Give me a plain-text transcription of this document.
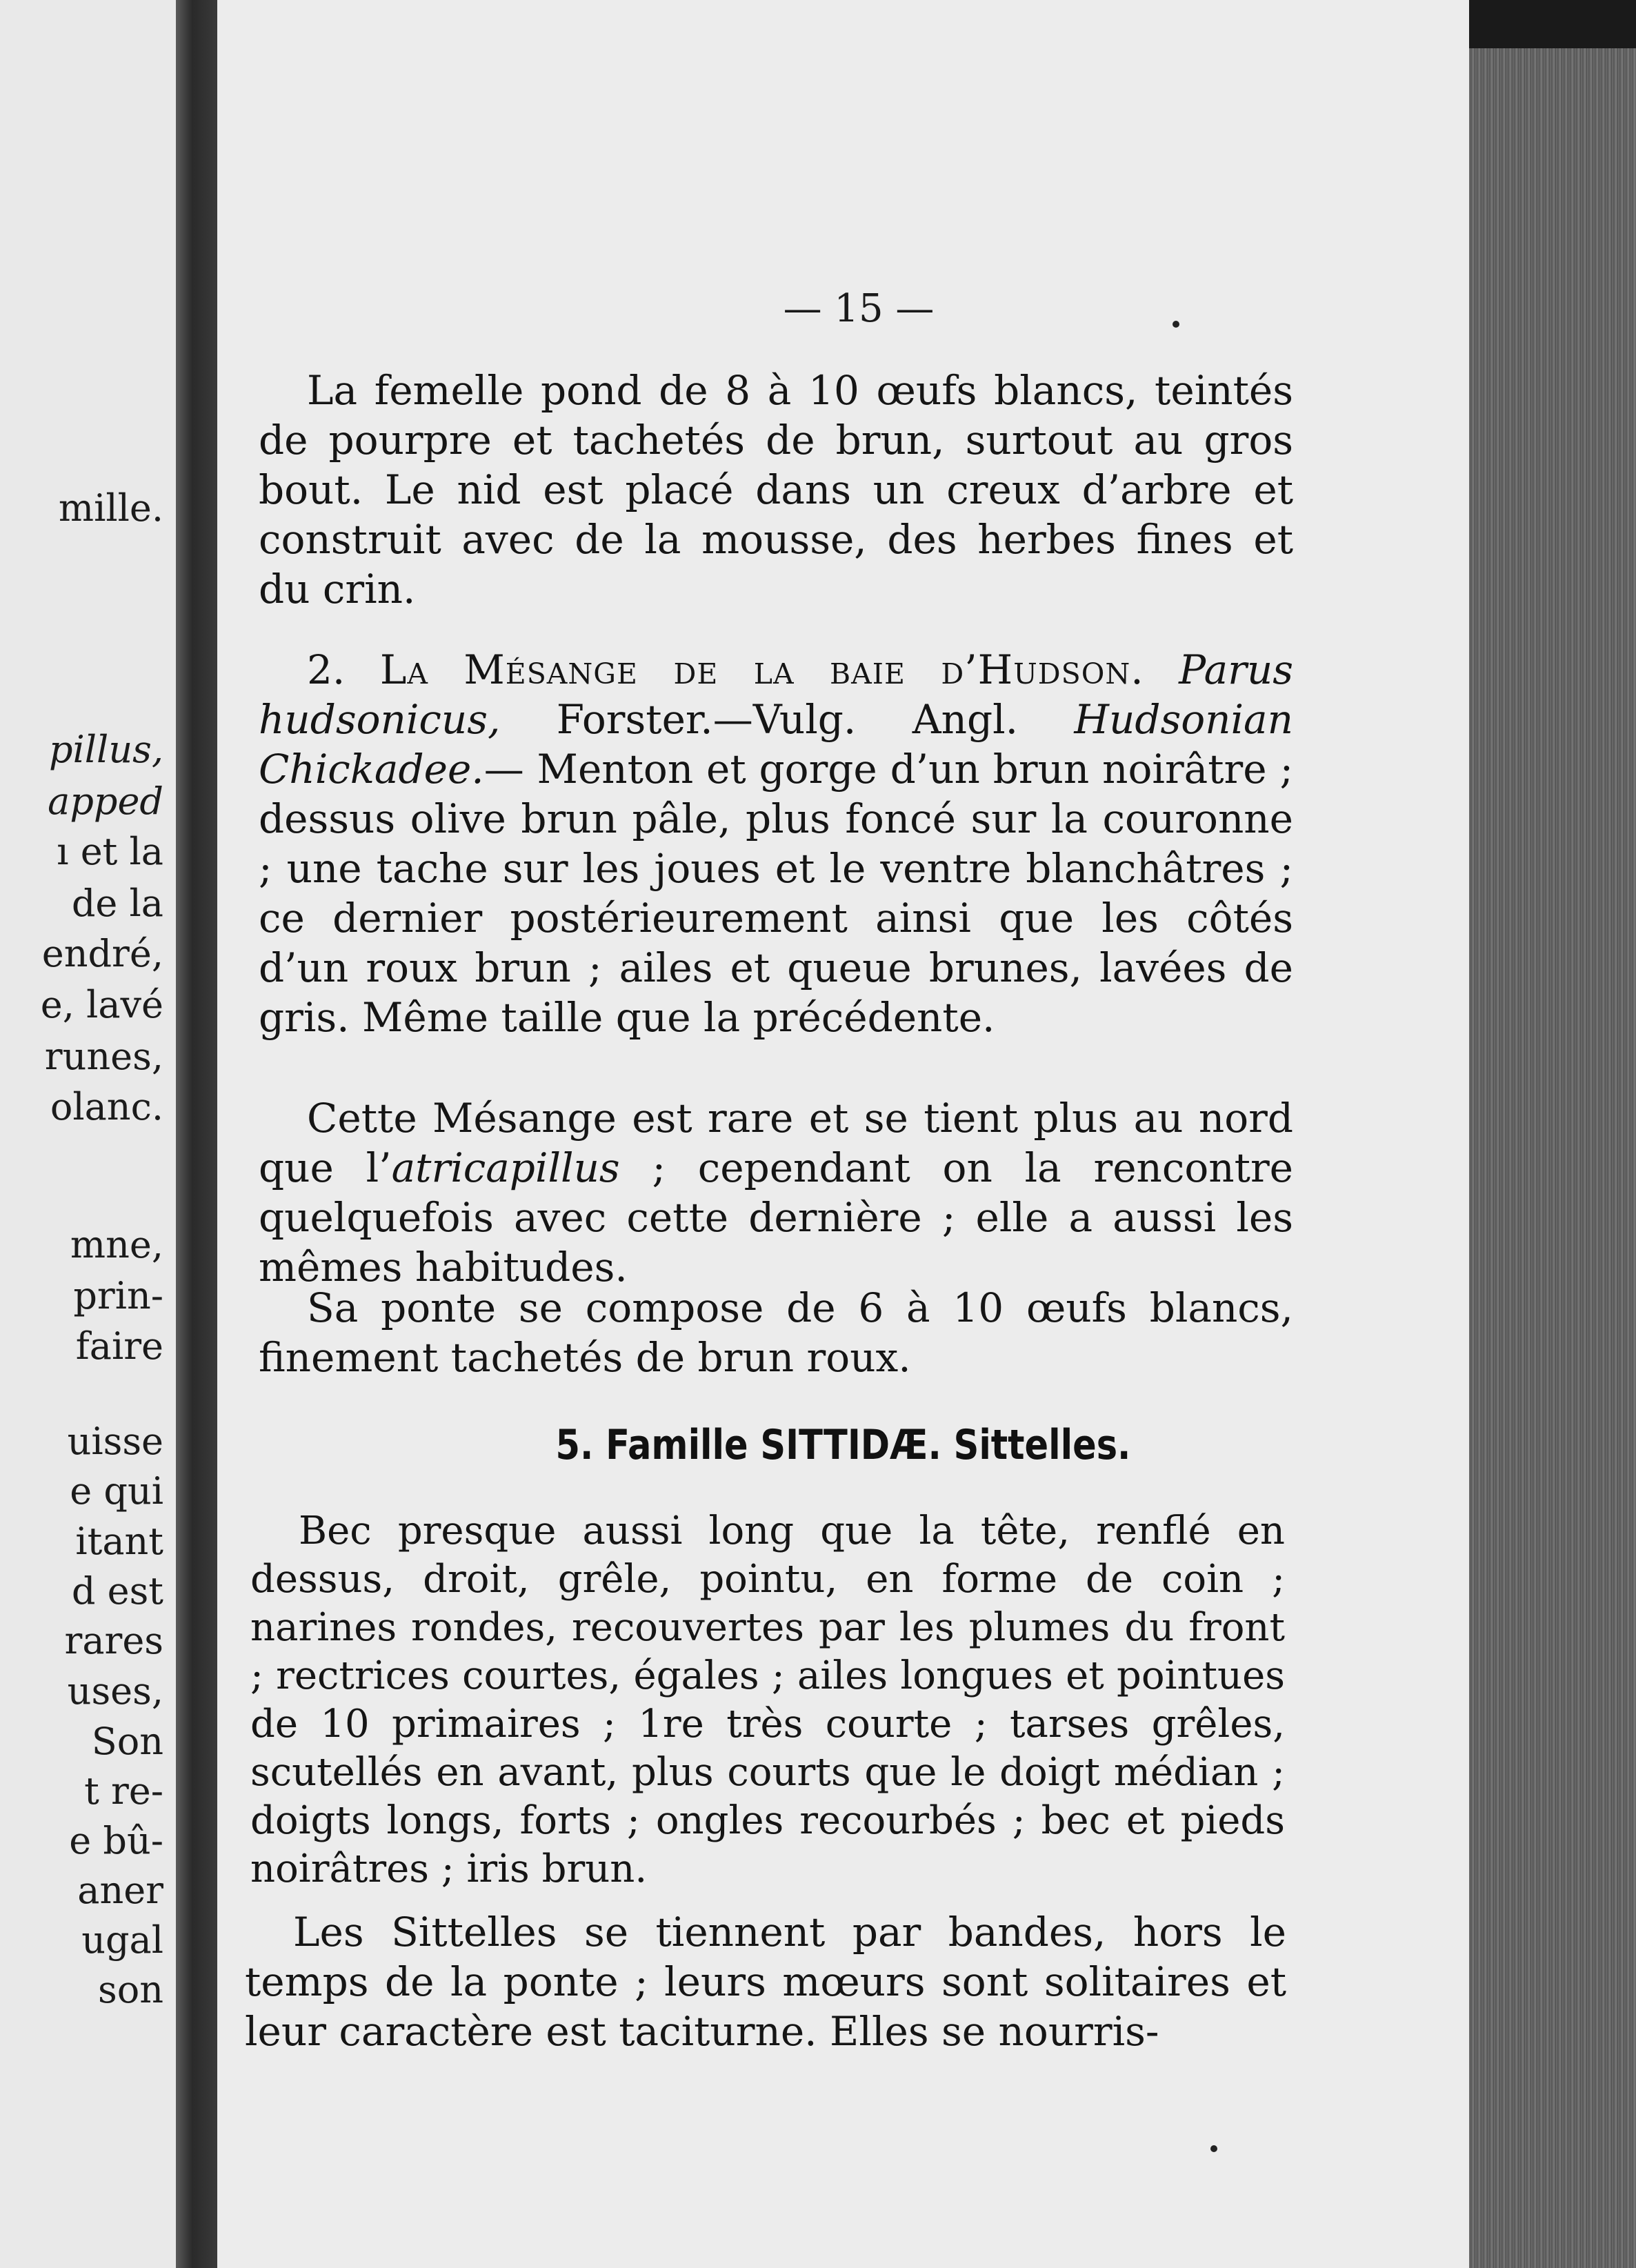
mille.
pillus,
apped
ı et la
de la
endré,
e, lavé
runes,
olanc.
mne,
prin-
faire
uisse
e qui
itant
d est
rares
uses,
Son
t re-
e bû-
aner
ugal
son

— 15 —

La femelle pond de 8 à 10 œufs blancs, teintés de pourpre et tachetés de brun, surtout au gros bout. Le nid est placé dans un creux d’arbre et construit avec de la mousse, des herbes fines et du crin.

2. La Mésange de la baie d’Hudson. Parus hudsonicus, Forster.—Vulg. Angl. Hudsonian Chickadee.— Menton et gorge d’un brun noirâtre ; dessus olive brun pâle, plus foncé sur la couronne ; une tache sur les joues et le ventre blanchâtres ; ce dernier postérieurement ainsi que les côtés d’un roux brun ; ailes et queue brunes, lavées de gris. Même taille que la précédente.

Cette Mésange est rare et se tient plus au nord que l’atricapillus ; cependant on la rencontre quelquefois avec cette dernière ; elle a aussi les mêmes habitudes.

Sa ponte se compose de 6 à 10 œufs blancs, finement tachetés de brun roux.

5. Famille SITTIDÆ. Sittelles.

Bec presque aussi long que la tête, renflé en dessus, droit, grêle, pointu, en forme de coin ; narines rondes, recouvertes par les plumes du front ; rectrices courtes, égales ; ailes longues et pointues de 10 primaires ; 1re très courte ; tarses grêles, scutellés en avant, plus courts que le doigt médian ; doigts longs, forts ; ongles recourbés ; bec et pieds noirâtres ; iris brun.

Les Sittelles se tiennent par bandes, hors le temps de la ponte ; leurs mœurs sont solitaires et leur caractère est taciturne. Elles se nourris-
